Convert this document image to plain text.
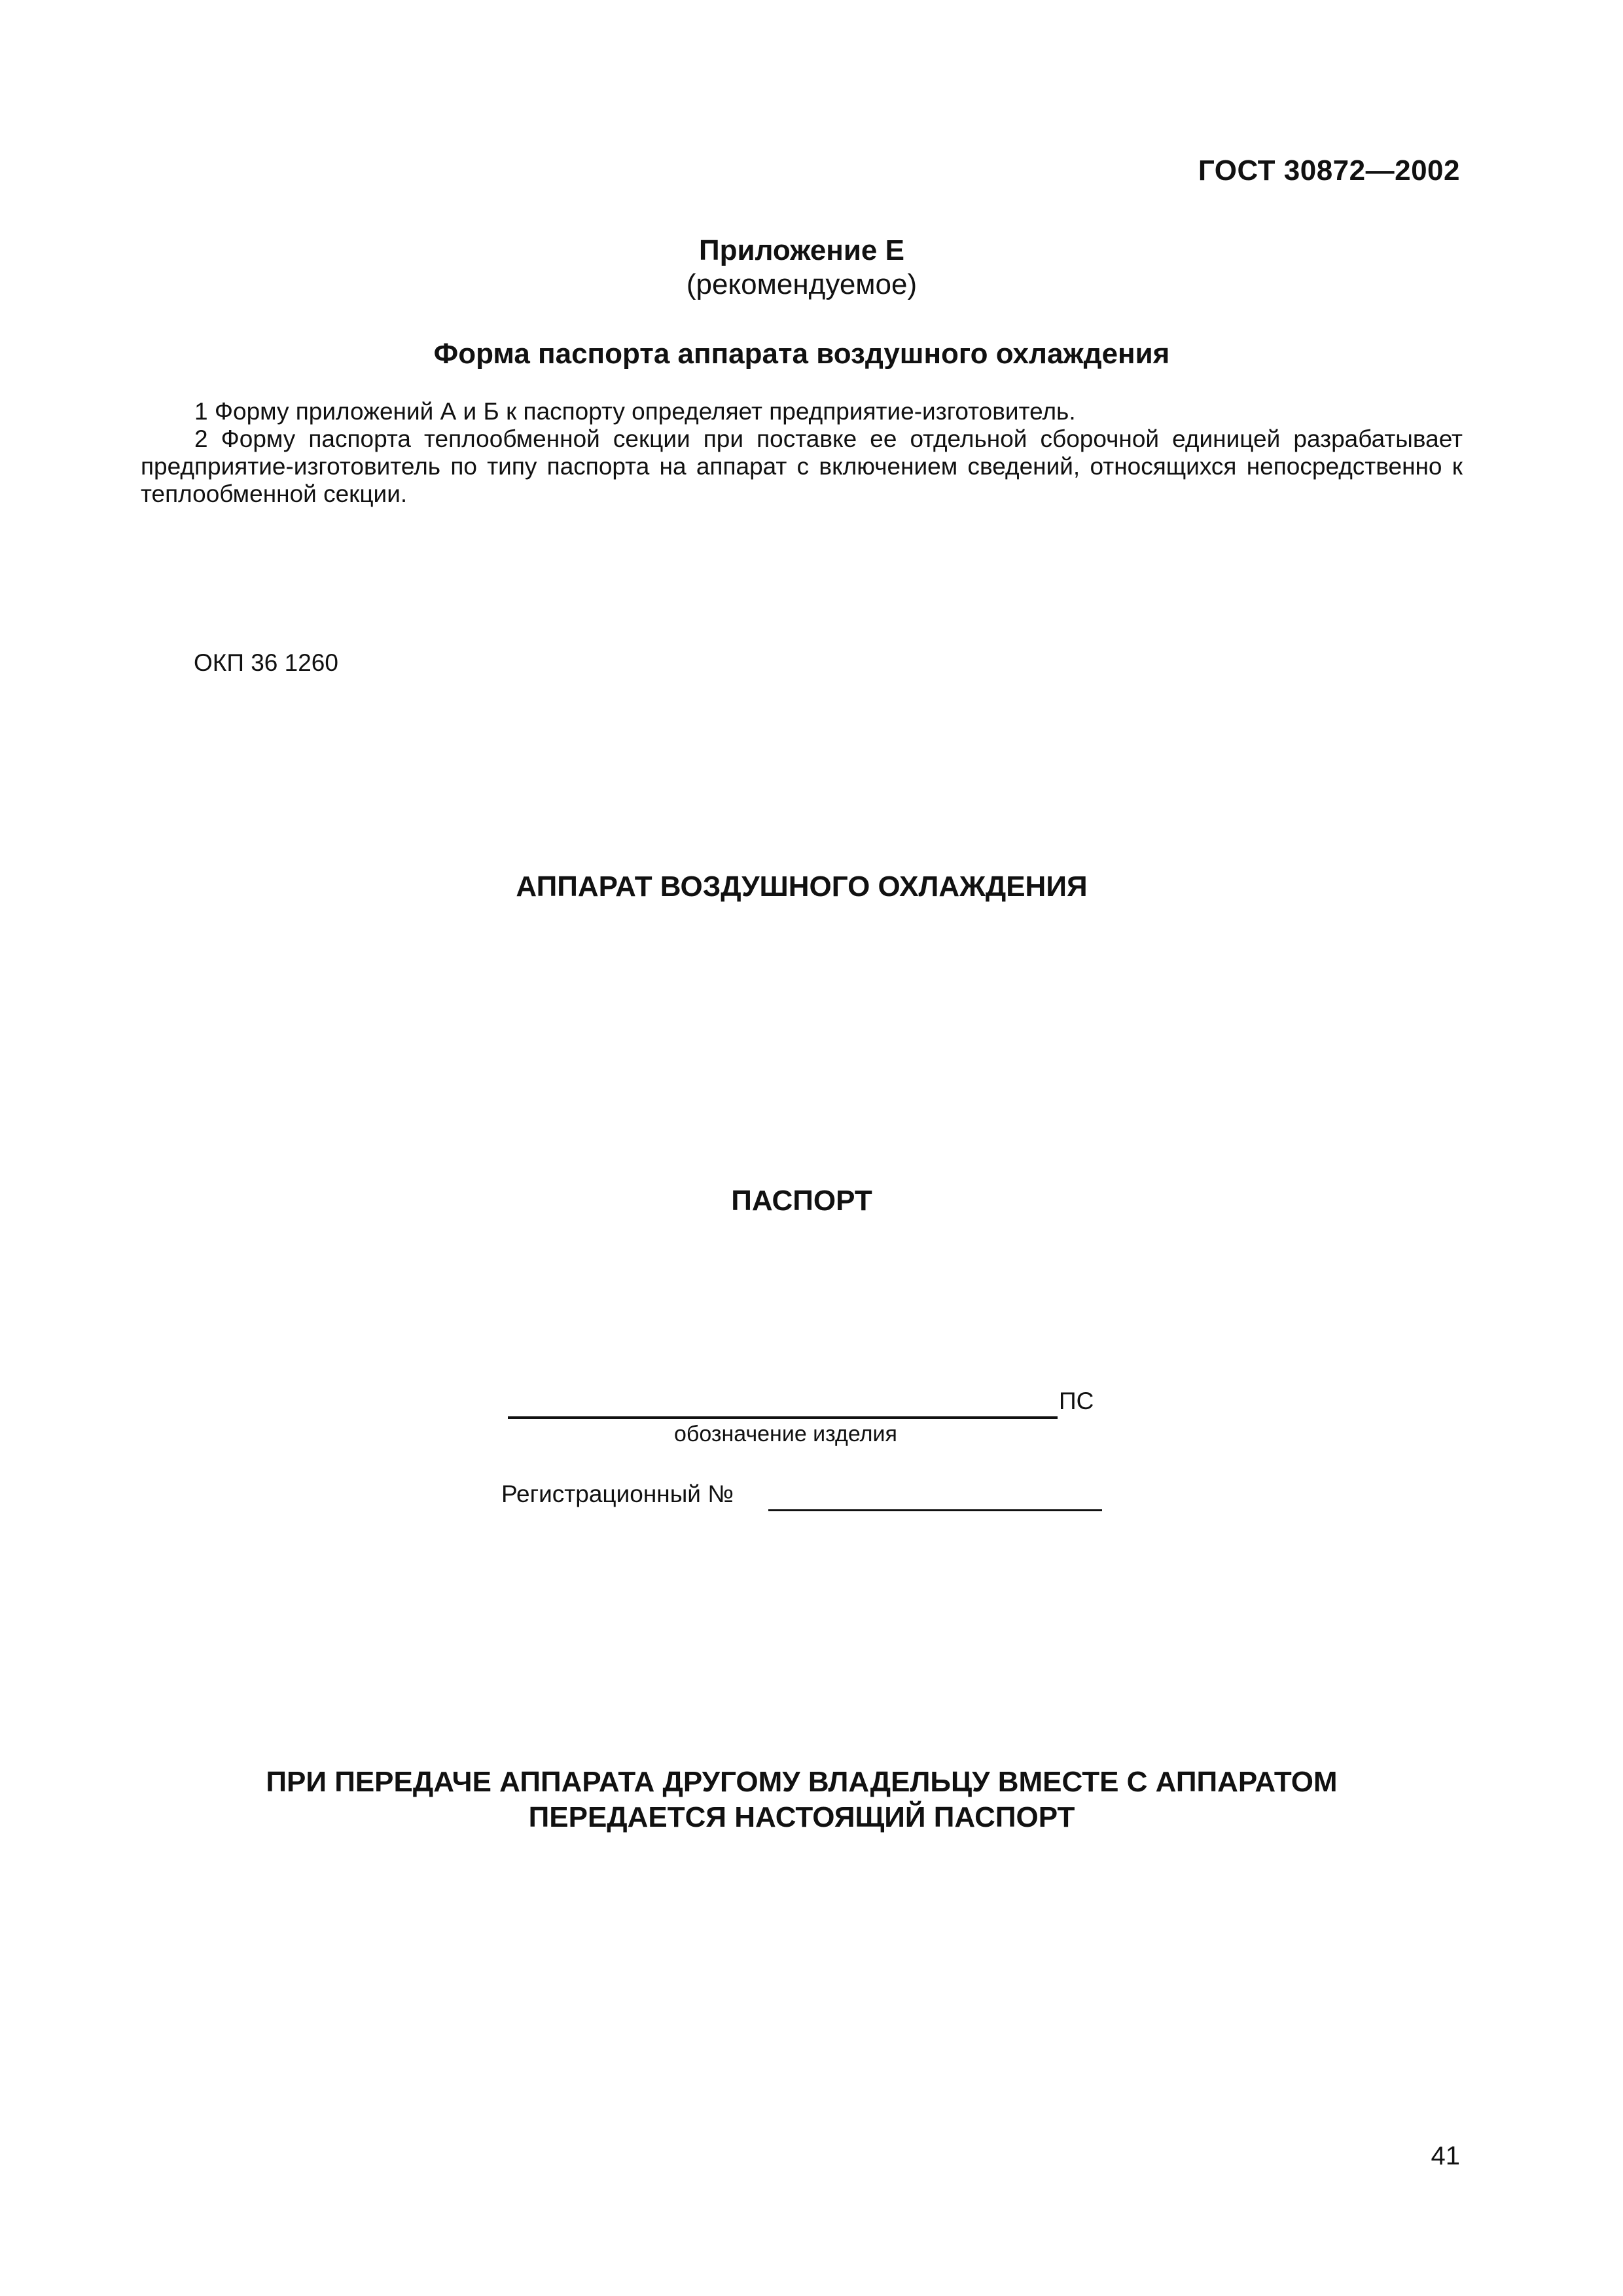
ГОСТ 30872—2002
Приложение Е
(рекомендуемое)
Форма паспорта аппарата воздушного охлаждения

1 Форму приложений А и Б к паспорту определяет предприятие-изготовитель.

2 Форму паспорта теплообменной секции при поставке ее отдельной сборочной единицей разрабатывает предприятие-изготовитель по типу паспорта на аппарат с включением сведений, относящихся непосредственно к теплообменной секции.

ОКП 36 1260
АППАРАТ ВОЗДУШНОГО ОХЛАЖДЕНИЯ
ПАСПОРТ
ПС
обозначение изделия
Регистрационный №
ПРИ ПЕРЕДАЧЕ АППАРАТА ДРУГОМУ ВЛАДЕЛЬЦУ ВМЕСТЕ С АППАРАТОМ
ПЕРЕДАЕТСЯ НАСТОЯЩИЙ ПАСПОРТ
41
